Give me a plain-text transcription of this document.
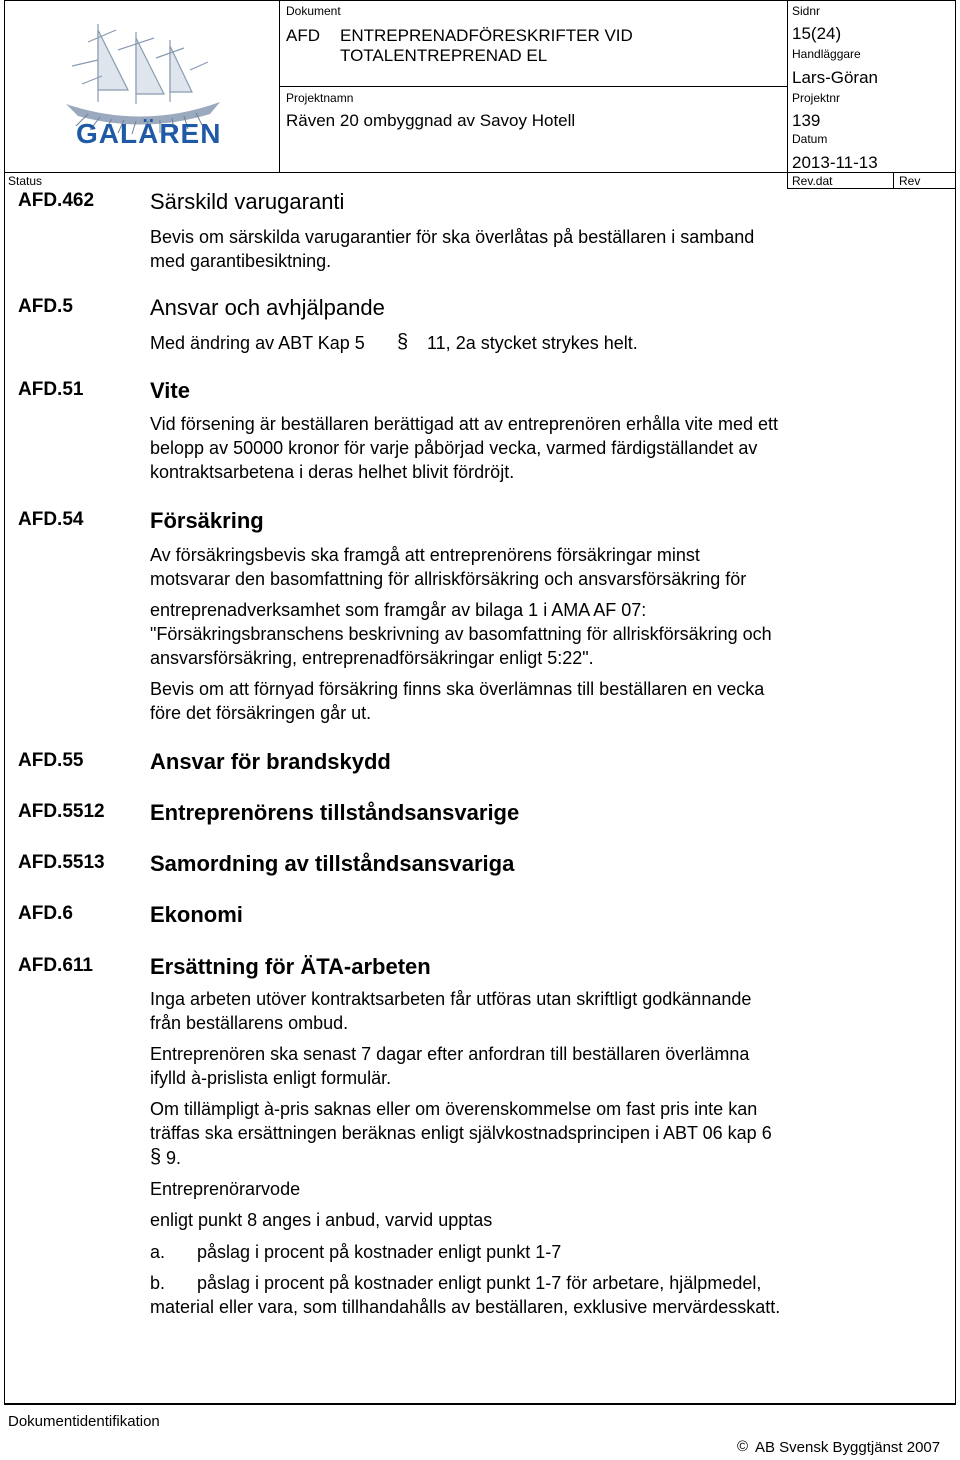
GALÄREN
Dokument
AFD ENTREPRENADFÖRESKRIFTER VID
TOTALENTREPRENAD EL
Sidnr
15(24)
Handläggare
Lars-Göran
Projektnamn
Räven 20 ombyggnad av Savoy Hotell
Projektnr
139
Datum
2013-11-13
Status	Rev.dat	Rev
AFD.462	Särskild varugaranti
Bevis om särskilda varugarantier för ska överlåtas på beställaren i samband
med garantibesiktning.
AFD.5	Ansvar och avhjälpande
Med ändring av ABT Kap 5 § 11, 2a stycket strykes helt.
AFD.51	Vite
Vid försening är beställaren berättigad att av entreprenören erhålla vite med ett
belopp av 50000 kronor för varje påbörjad vecka, varmed färdigställandet av
kontraktsarbetena i deras helhet blivit fördröjt.
AFD.54	Försäkring
Av försäkringsbevis ska framgå att entreprenörens försäkringar minst
motsvarar den basomfattning för allriskförsäkring och ansvarsförsäkring för
entreprenadverksamhet som framgår av bilaga 1 i AMA AF 07:
"Försäkringsbranschens beskrivning av basomfattning för allriskförsäkring och
ansvarsförsäkring, entreprenadförsäkringar enligt 5:22".
Bevis om att förnyad försäkring finns ska överlämnas till beställaren en vecka
före det försäkringen går ut.
AFD.55	Ansvar för brandskydd
AFD.5512 Entreprenörens tillståndsansvarige
AFD.5513 Samordning av tillståndsansvariga
AFD.6	Ekonomi
AFD.611	Ersättning för ÄTA-arbeten
Inga arbeten utöver kontraktsarbeten får utföras utan skriftligt godkännande
från beställarens ombud.
Entreprenören ska senast 7 dagar efter anfordran till beställaren överlämna
ifylld à-prislista enligt formulär.
Om tillämpligt à-pris saknas eller om överenskommelse om fast pris inte kan
träffas ska ersättningen beräknas enligt självkostnadsprincipen i ABT 06 kap 6
§ 9.
Entreprenörarvode
enligt punkt 8 anges i anbud, varvid upptas
a. påslag i procent på kostnader enligt punkt 1-7
b. påslag i procent på kostnader enligt punkt 1-7 för arbetare, hjälpmedel,
material eller vara, som tillhandahålls av beställaren, exklusive mervärdesskatt.
Dokumentidentifikation
© AB Svensk Byggtjänst 2007
